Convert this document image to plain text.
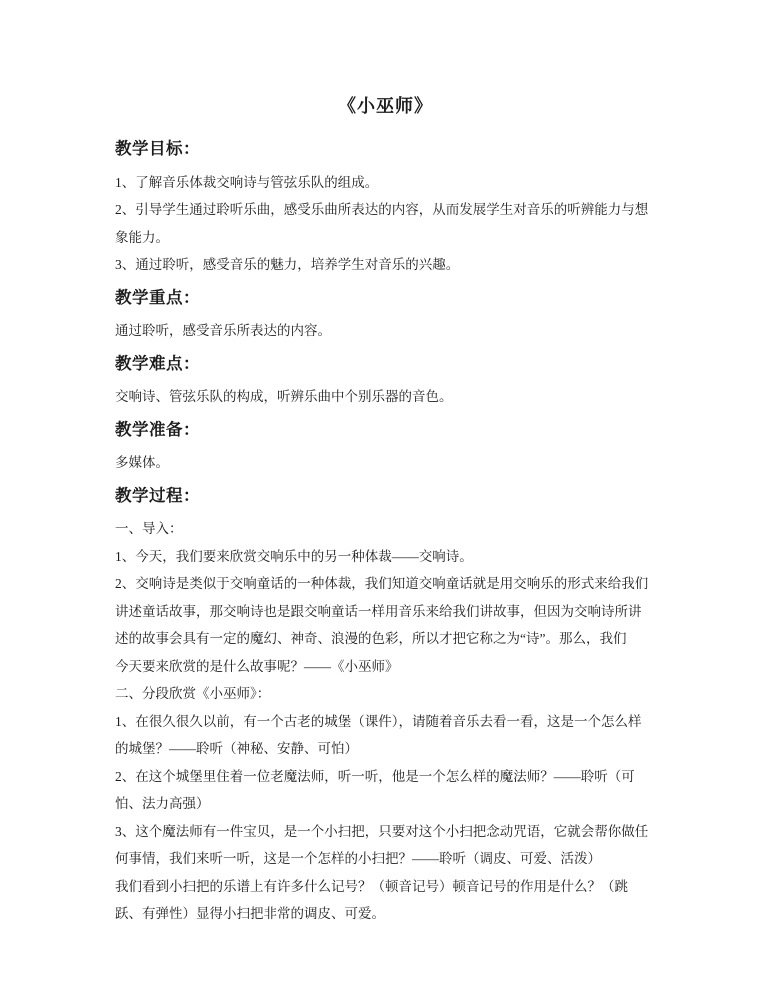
《小巫师》
教学目标：
1、了解音乐体裁交响诗与管弦乐队的组成。
2、引导学生通过聆听乐曲，感受乐曲所表达的内容，从而发展学生对音乐的听辨能力与想
象能力。
3、通过聆听，感受音乐的魅力，培养学生对音乐的兴趣。
教学重点：
通过聆听，感受音乐所表达的内容。
教学难点：
交响诗、管弦乐队的构成，听辨乐曲中个别乐器的音色。
教学准备：
多媒体。
教学过程：
一、导入：
1、今天，我们要来欣赏交响乐中的另一种体裁——交响诗。
2、交响诗是类似于交响童话的一种体裁，我们知道交响童话就是用交响乐的形式来给我们
讲述童话故事，那交响诗也是跟交响童话一样用音乐来给我们讲故事，但因为交响诗所讲
述的故事会具有一定的魔幻、神奇、浪漫的色彩，所以才把它称之为“诗”。那么，我们
今天要来欣赏的是什么故事呢？——《小巫师》
二、分段欣赏《小巫师》：
1、在很久很久以前，有一个古老的城堡（课件），请随着音乐去看一看，这是一个怎么样
的城堡？——聆听（神秘、安静、可怕）
2、在这个城堡里住着一位老魔法师，听一听，他是一个怎么样的魔法师？——聆听（可
怕、法力高强）
3、这个魔法师有一件宝贝，是一个小扫把，只要对这个小扫把念动咒语，它就会帮你做任
何事情，我们来听一听，这是一个怎样的小扫把？——聆听（调皮、可爱、活泼）
我们看到小扫把的乐谱上有许多什么记号？（顿音记号）顿音记号的作用是什么？（跳
跃、有弹性）显得小扫把非常的调皮、可爱。
